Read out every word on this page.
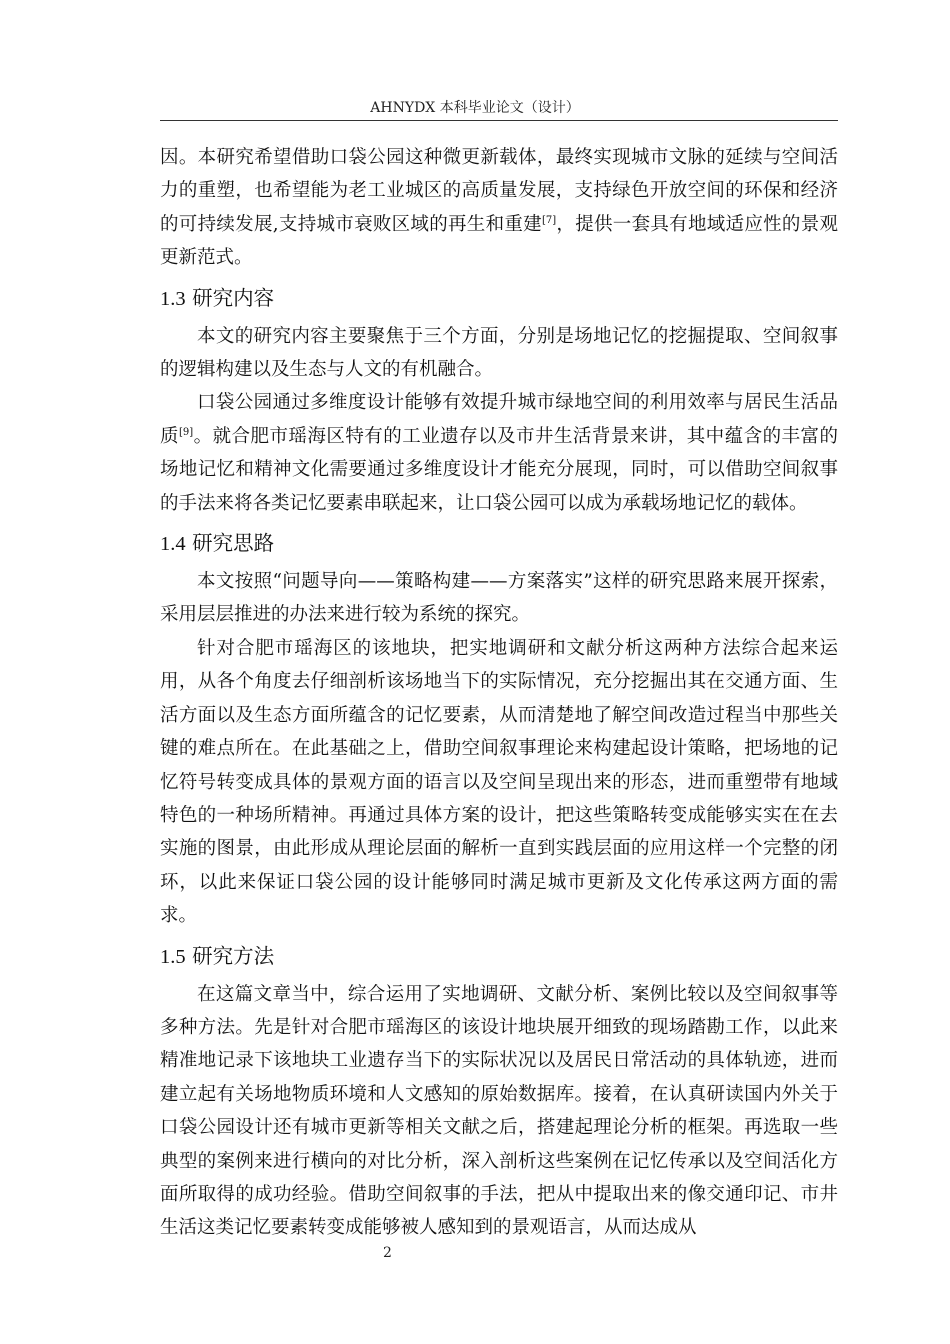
AHNYDX 本科毕业论文（设计）

因。本研究希望借助口袋公园这种微更新载体，最终实现城市文脉的延续与空间活力的重塑，也希望能为老工业城区的高质量发展，支持绿色开放空间的环保和经济的可持续发展,支持城市衰败区域的再生和重建[7]，提供一套具有地域适应性的景观更新范式。

1.3 研究内容

本文的研究内容主要聚焦于三个方面，分别是场地记忆的挖掘提取、空间叙事的逻辑构建以及生态与人文的有机融合。

口袋公园通过多维度设计能够有效提升城市绿地空间的利用效率与居民生活品质[9]。就合肥市瑶海区特有的工业遗存以及市井生活背景来讲，其中蕴含的丰富的场地记忆和精神文化需要通过多维度设计才能充分展现，同时，可以借助空间叙事的手法来将各类记忆要素串联起来，让口袋公园可以成为承载场地记忆的载体。

1.4 研究思路

本文按照“问题导向——策略构建——方案落实”这样的研究思路来展开探索，采用层层推进的办法来进行较为系统的探究。

针对合肥市瑶海区的该地块，把实地调研和文献分析这两种方法综合起来运用，从各个角度去仔细剖析该场地当下的实际情况，充分挖掘出其在交通方面、生活方面以及生态方面所蕴含的记忆要素，从而清楚地了解空间改造过程当中那些关键的难点所在。在此基础之上，借助空间叙事理论来构建起设计策略，把场地的记忆符号转变成具体的景观方面的语言以及空间呈现出来的形态，进而重塑带有地域特色的一种场所精神。再通过具体方案的设计，把这些策略转变成能够实实在在去实施的图景，由此形成从理论层面的解析一直到实践层面的应用这样一个完整的闭环，以此来保证口袋公园的设计能够同时满足城市更新及文化传承这两方面的需求。

1.5 研究方法

在这篇文章当中，综合运用了实地调研、文献分析、案例比较以及空间叙事等多种方法。先是针对合肥市瑶海区的该设计地块展开细致的现场踏勘工作，以此来精准地记录下该地块工业遗存当下的实际状况以及居民日常活动的具体轨迹，进而建立起有关场地物质环境和人文感知的原始数据库。接着，在认真研读国内外关于口袋公园设计还有城市更新等相关文献之后，搭建起理论分析的框架。再选取一些典型的案例来进行横向的对比分析，深入剖析这些案例在记忆传承以及空间活化方面所取得的成功经验。借助空间叙事的手法，把从中提取出来的像交通印记、市井生活这类记忆要素转变成能够被人感知到的景观语言，从而达成从

2
